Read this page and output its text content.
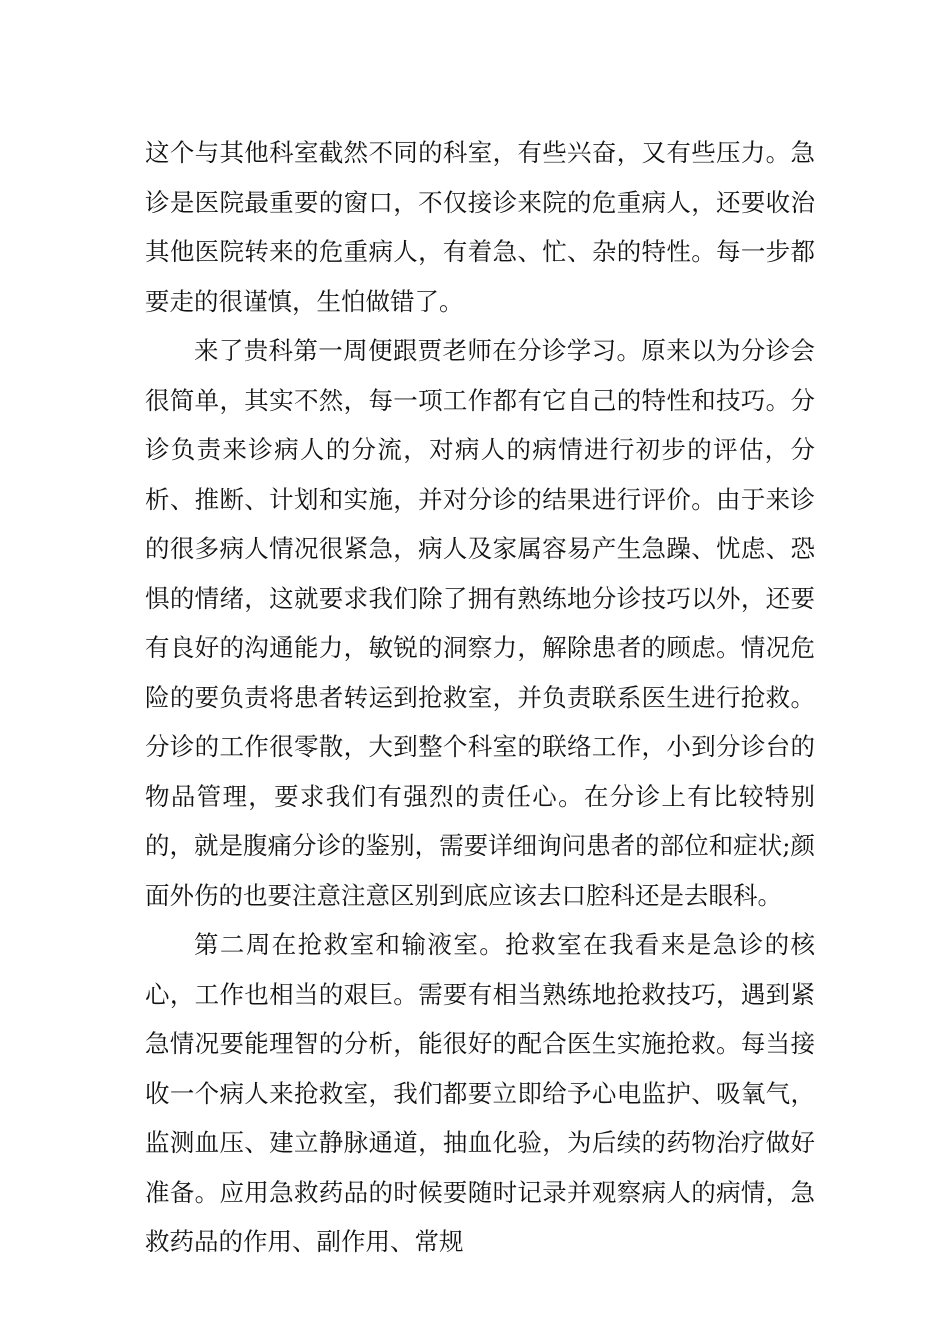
这个与其他科室截然不同的科室，有些兴奋，又有些压力。急诊是医院最重要的窗口，不仅接诊来院的危重病人，还要收治其他医院转来的危重病人，有着急、忙、杂的特性。每一步都要走的很谨慎，生怕做错了。

来了贵科第一周便跟贾老师在分诊学习。原来以为分诊会很简单，其实不然，每一项工作都有它自己的特性和技巧。分诊负责来诊病人的分流，对病人的病情进行初步的评估，分析、推断、计划和实施，并对分诊的结果进行评价。由于来诊的很多病人情况很紧急，病人及家属容易产生急躁、忧虑、恐惧的情绪，这就要求我们除了拥有熟练地分诊技巧以外，还要有良好的沟通能力，敏锐的洞察力，解除患者的顾虑。情况危险的要负责将患者转运到抢救室，并负责联系医生进行抢救。分诊的工作很零散，大到整个科室的联络工作，小到分诊台的物品管理，要求我们有强烈的责任心。在分诊上有比较特别的，就是腹痛分诊的鉴别，需要详细询问患者的部位和症状;颜面外伤的也要注意注意区别到底应该去口腔科还是去眼科。

第二周在抢救室和输液室。抢救室在我看来是急诊的核心，工作也相当的艰巨。需要有相当熟练地抢救技巧，遇到紧急情况要能理智的分析，能很好的配合医生实施抢救。每当接收一个病人来抢救室，我们都要立即给予心电监护、吸氧气，监测血压、建立静脉通道，抽血化验，为后续的药物治疗做好准备。应用急救药品的时候要随时记录并观察病人的病情，急救药品的作用、副作用、常规
